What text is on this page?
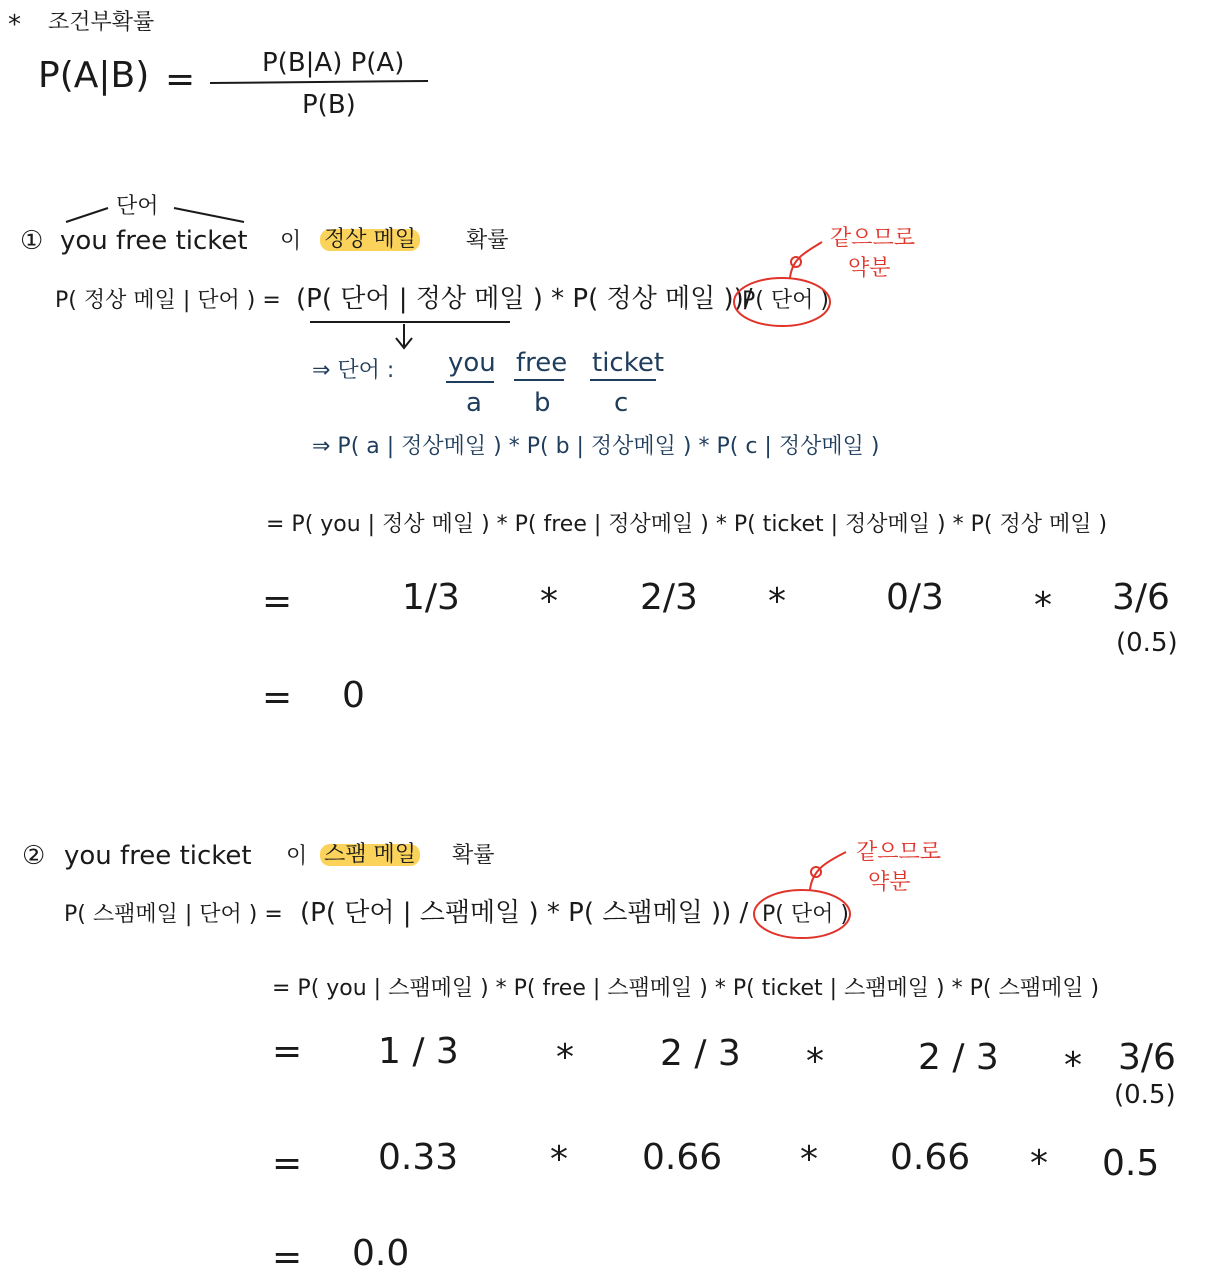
* 조건부확률
P(A|B) =	P(B|A) P(A)
P(B)
단어
① you free ticket 이 정상 메일 확률
P( 정상 메일 | 단어 ) = (P( 단어 | 정상 메일 ) * P( 정상 메일 ))/
P( 단어 )
같으므로
약분
⇒ 단어 : you free ticket
a b c
⇒ P( a | 정상메일 ) * P( b | 정상메일 ) * P( c | 정상메일 )
= P( you | 정상 메일 ) * P( free | 정상메일 ) * P( ticket | 정상메일 ) * P( 정상 메일 )
=	1/3 * 2/3 *	0/3	* 3/6
(0.5)
= 0
② you free ticket 이 스팸 메일 확률
P( 스팸메일 | 단어 ) = (P( 단어 | 스팸메일 ) * P( 스팸메일 )) / P( 단어 )
같으므로
약분
= P( you | 스팸메일 ) * P( free | 스팸메일 ) * P( ticket | 스팸메일 ) * P( 스팸메일 )
= 1 / 3	* 2 / 3 *	2 / 3 * 3/6
(0.5)
= 0.33	* 0.66 * 0.66 * 0.5
= 0.0
